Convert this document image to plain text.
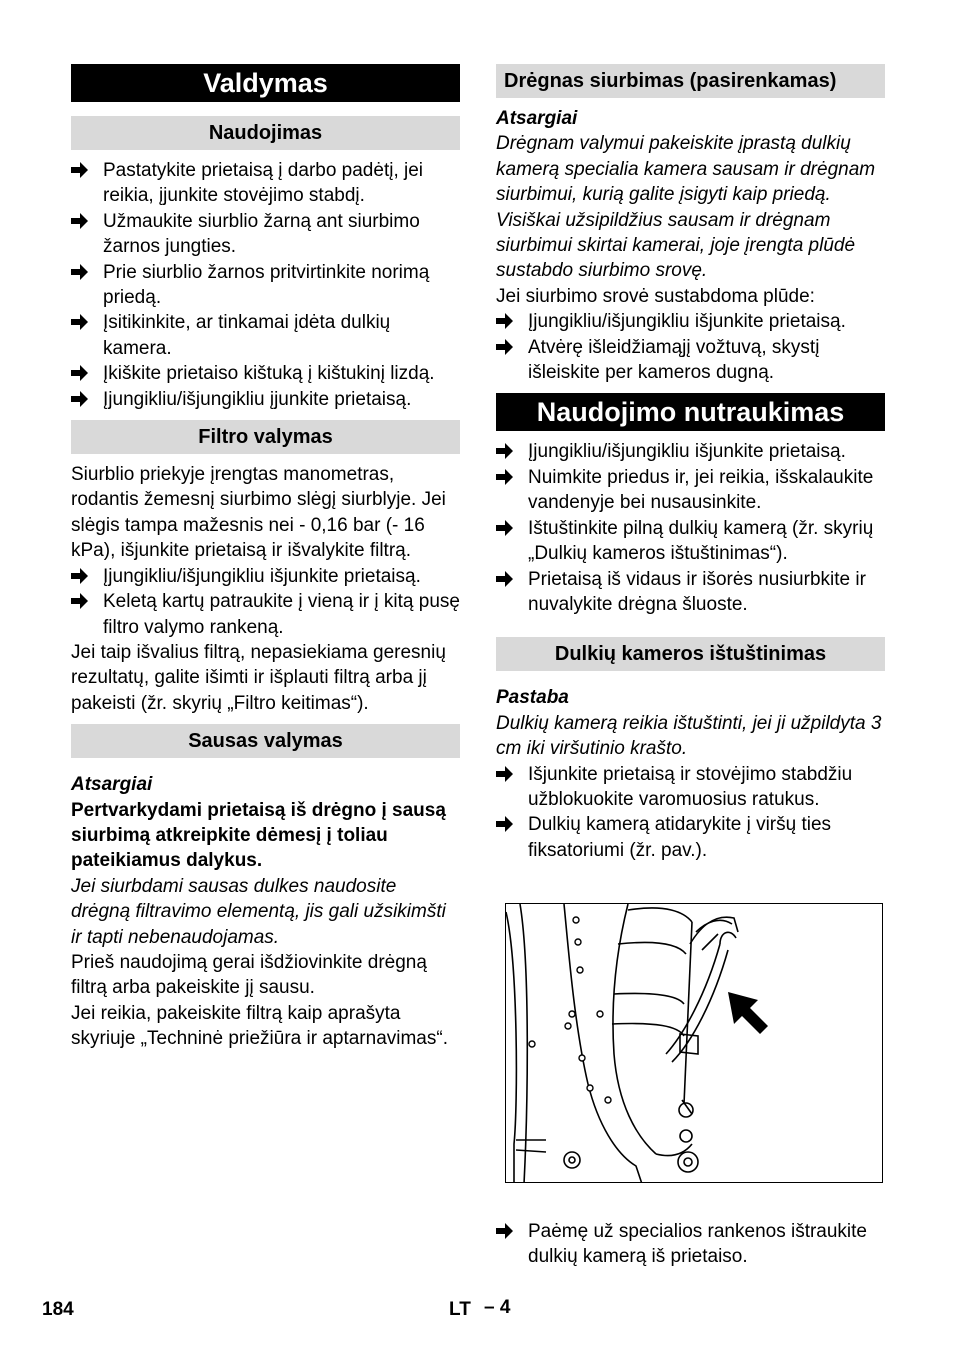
Valdymas
Naudojimas
Pastatykite prietaisą į darbo padėtį, jei reikia, įjunkite stovėjimo stabdį.
Užmaukite siurblio žarną ant siurbimo žarnos jungties.
Prie siurblio žarnos pritvirtinkite norimą priedą.
Įsitikinkite, ar tinkamai įdėta dulkių kamera.
Įkiškite prietaiso kištuką į kištukinį lizdą.
Įjungikliu/išjungikliu įjunkite prietaisą.
Filtro valymas

Siurblio priekyje įrengtas manometras, rodantis žemesnį siurbimo slėgį siurblyje. Jei slėgis tampa mažesnis nei - 0,16 bar (- 16 kPa), išjunkite prietaisą ir išvalykite filtrą.

Įjungikliu/išjungikliu išjunkite prietaisą.
Keletą kartų patraukite į vieną ir į kitą pusę filtro valymo rankeną.

Jei taip išvalius filtrą, nepasiekiama geresnių rezultatų, galite išimti ir išplauti filtrą arba jį pakeisti (žr. skyrių „Filtro keitimas“).

Sausas valymas

Atsargiai

Pertvarkydami prietaisą iš drėgno į sausą siurbimą atkreipkite dėmesį į toliau pateikiamus dalykus.

Jei siurbdami sausas dulkes naudosite drėgną filtravimo elementą, jis gali užsikimšti ir tapti nebenaudojamas.

Prieš naudojimą gerai išdžiovinkite drėgną filtrą arba pakeiskite jį sausu.

Jei reikia, pakeiskite filtrą kaip aprašyta skyriuje „Techninė priežiūra ir aptarnavimas“.

Drėgnas siurbimas (pasirenkamas)

Atsargiai

Drėgnam valymui pakeiskite įprastą dulkių kamerą specialia kamera sausam ir drėgnam siurbimui, kurią galite įsigyti kaip priedą.

Visiškai užsipildžius sausam ir drėgnam siurbimui skirtai kamerai, joje įrengta plūdė sustabdo siurbimo srovę.

Jei siurbimo srovė sustabdoma plūde:

Įjungikliu/išjungikliu išjunkite prietaisą.
Atvėrę išleidžiamąjį vožtuvą, skystį išleiskite per kameros dugną.
Naudojimo nutraukimas
Įjungikliu/išjungikliu išjunkite prietaisą.
Nuimkite priedus ir, jei reikia, išskalaukite vandenyje bei nusausinkite.
Ištuštinkite pilną dulkių kamerą (žr. skyrių „Dulkių kameros ištuštinimas“).
Prietaisą iš vidaus ir išorės nusiurbkite ir nuvalykite drėgna šluoste.
Dulkių kameros ištuštinimas

Pastaba

Dulkių kamerą reikia ištuštinti, jei ji užpildyta 3 cm iki viršutinio krašto.

Išjunkite prietaisą ir stovėjimo stabdžiu užblokuokite varomuosius ratukus.
Dulkių kamerą atidarykite į viršų ties fiksatoriumi (žr. pav.).
Paėmę už specialios rankenos ištraukite dulkių kamerą iš prietaiso.
184	LT – 4
